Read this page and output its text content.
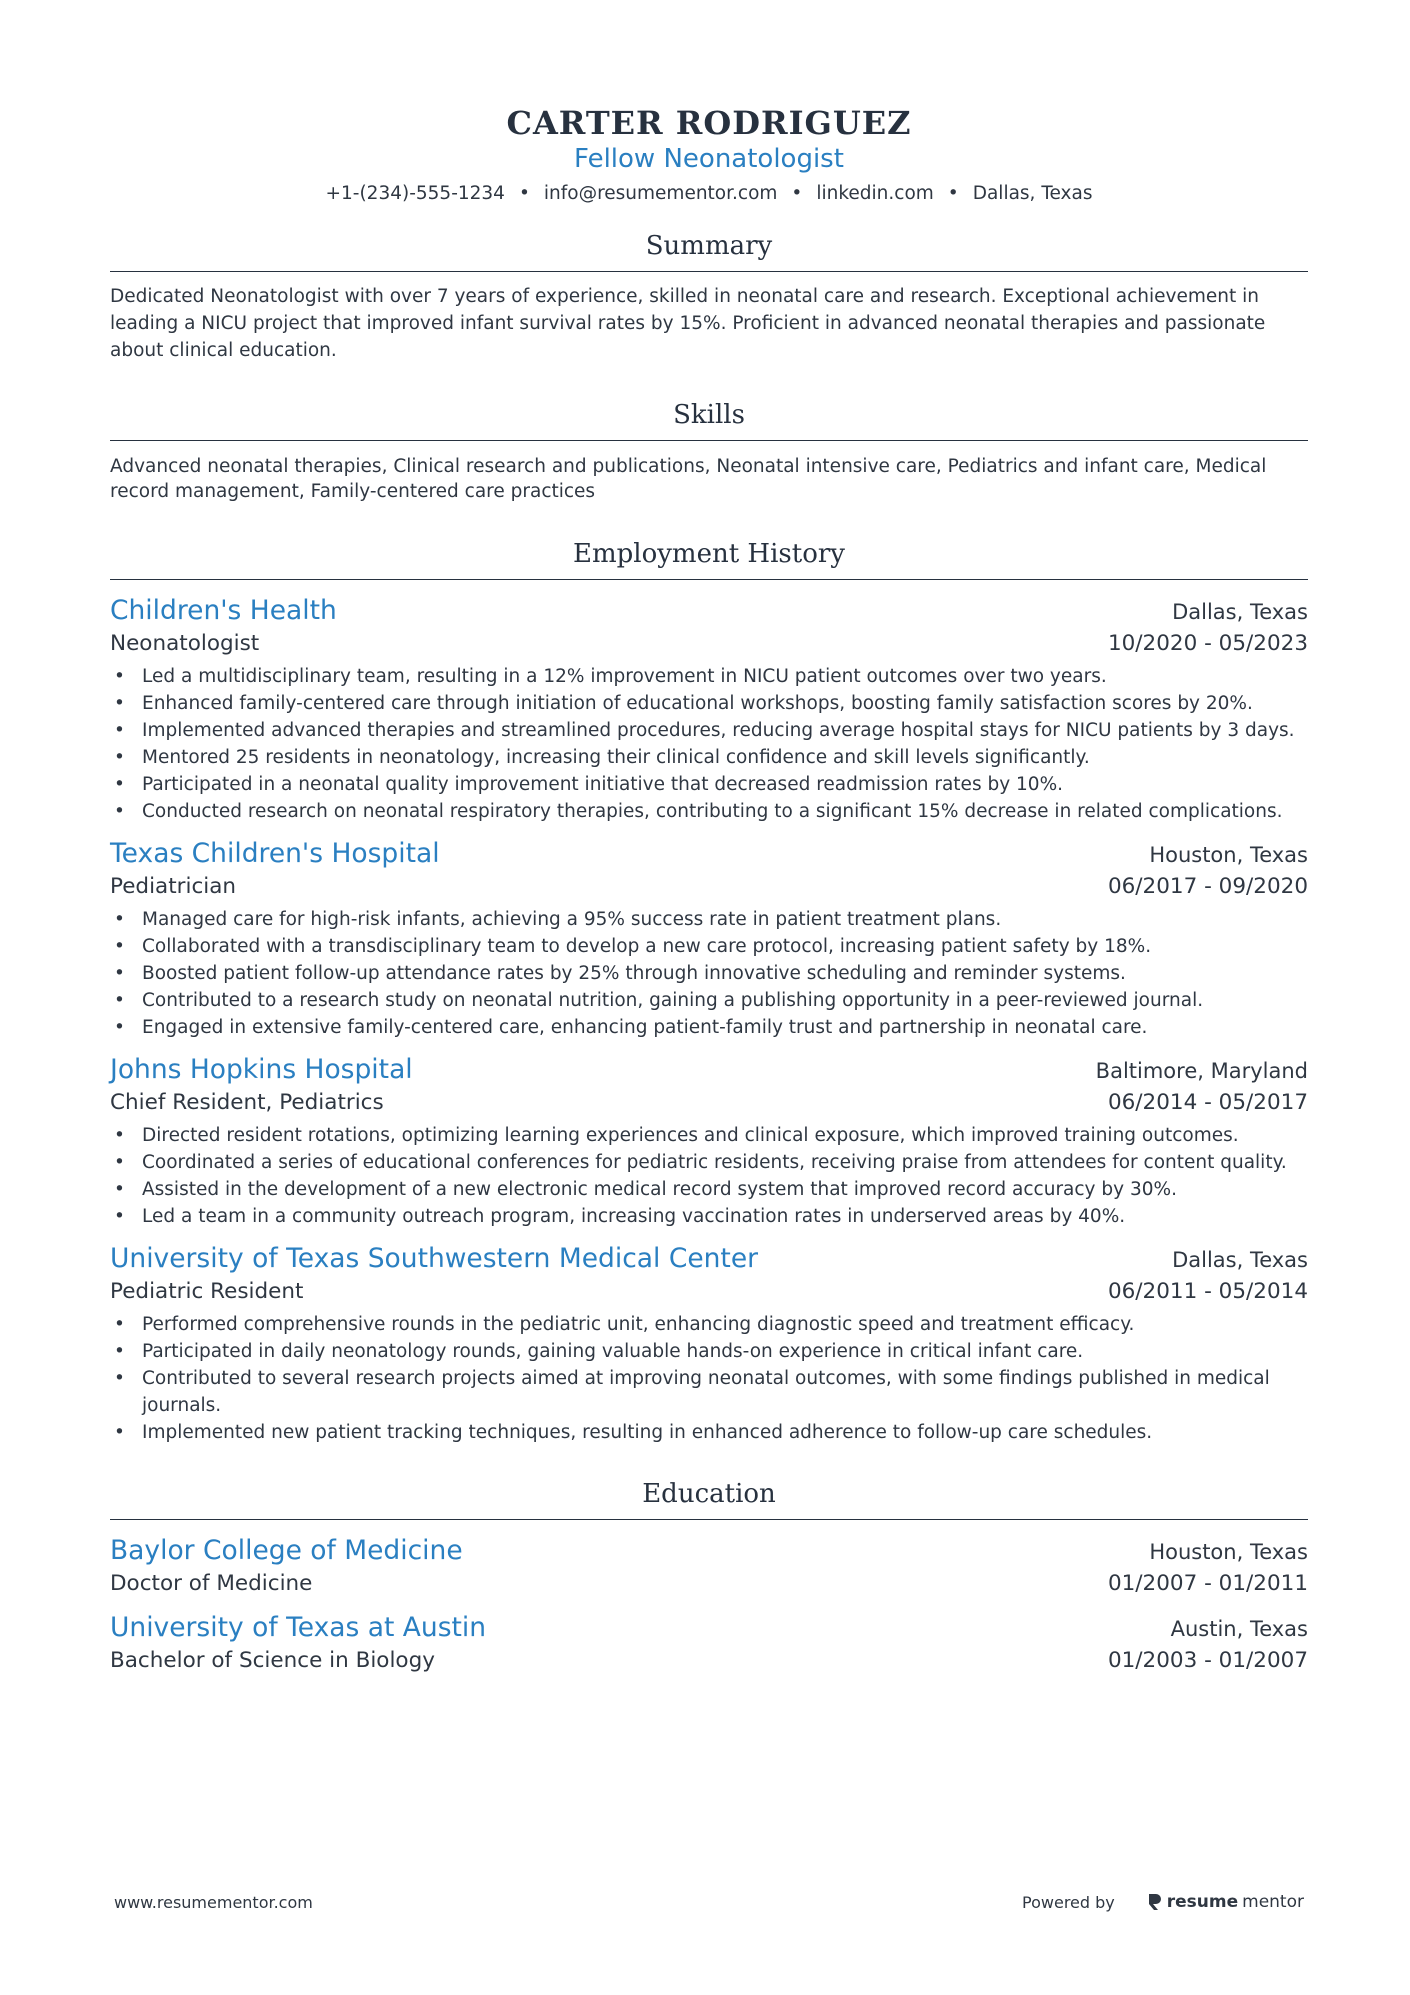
CARTER RODRIGUEZ
Fellow Neonatologist
+1-(234)-555-1234 • info@resumementor.com • linkedin.com • Dallas, Texas
Summary
Dedicated Neonatologist with over 7 years of experience, skilled in neonatal care and research. Exceptional achievement in leading a NICU project that improved infant survival rates by 15%. Proficient in advanced neonatal therapies and passionate about clinical education.
Skills
Advanced neonatal therapies, Clinical research and publications, Neonatal intensive care, Pediatrics and infant care, Medical record management, Family-centered care practices
Employment History
Children's Health	Dallas, Texas
Neonatologist	10/2020 - 05/2023
• Led a multidisciplinary team, resulting in a 12% improvement in NICU patient outcomes over two years.
• Enhanced family-centered care through initiation of educational workshops, boosting family satisfaction scores by 20%.
• Implemented advanced therapies and streamlined procedures, reducing average hospital stays for NICU patients by 3 days.
• Mentored 25 residents in neonatology, increasing their clinical confidence and skill levels significantly.
• Participated in a neonatal quality improvement initiative that decreased readmission rates by 10%.
• Conducted research on neonatal respiratory therapies, contributing to a significant 15% decrease in related complications.
Texas Children's Hospital	Houston, Texas
Pediatrician	06/2017 - 09/2020
• Managed care for high-risk infants, achieving a 95% success rate in patient treatment plans.
• Collaborated with a transdisciplinary team to develop a new care protocol, increasing patient safety by 18%.
• Boosted patient follow-up attendance rates by 25% through innovative scheduling and reminder systems.
• Contributed to a research study on neonatal nutrition, gaining a publishing opportunity in a peer-reviewed journal.
• Engaged in extensive family-centered care, enhancing patient-family trust and partnership in neonatal care.
Johns Hopkins Hospital	Baltimore, Maryland
Chief Resident, Pediatrics	06/2014 - 05/2017
• Directed resident rotations, optimizing learning experiences and clinical exposure, which improved training outcomes.
• Coordinated a series of educational conferences for pediatric residents, receiving praise from attendees for content quality.
• Assisted in the development of a new electronic medical record system that improved record accuracy by 30%.
• Led a team in a community outreach program, increasing vaccination rates in underserved areas by 40%.
University of Texas Southwestern Medical Center	Dallas, Texas
Pediatric Resident	06/2011 - 05/2014
• Performed comprehensive rounds in the pediatric unit, enhancing diagnostic speed and treatment efficacy.
• Participated in daily neonatology rounds, gaining valuable hands-on experience in critical infant care.
• Contributed to several research projects aimed at improving neonatal outcomes, with some findings published in medical journals.
• Implemented new patient tracking techniques, resulting in enhanced adherence to follow-up care schedules.
Education
Baylor College of Medicine	Houston, Texas
Doctor of Medicine	01/2007 - 01/2011
University of Texas at Austin	Austin, Texas
Bachelor of Science in Biology	01/2003 - 01/2007
www.resumementor.com	Powered by	resume mentor
